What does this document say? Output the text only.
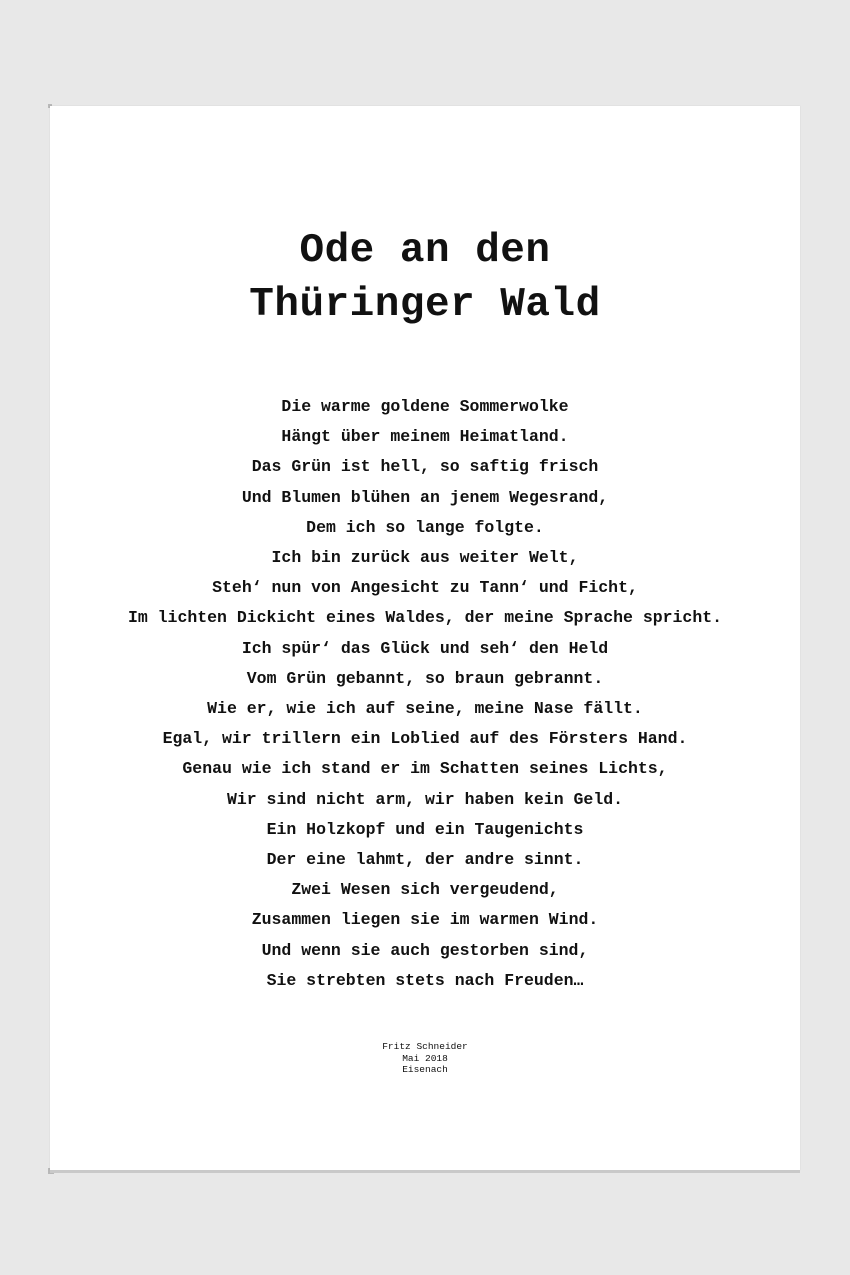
Ode an den
Thüringer Wald
Die warme goldene Sommerwolke
Hängt über meinem Heimatland.
Das Grün ist hell, so saftig frisch
Und Blumen blühen an jenem Wegesrand,
Dem ich so lange folgte.
Ich bin zurück aus weiter Welt,
Steh‘ nun von Angesicht zu Tann‘ und Ficht,
Im lichten Dickicht eines Waldes, der meine Sprache spricht.
Ich spür‘ das Glück und seh‘ den Held
Vom Grün gebannt, so braun gebrannt.
Wie er, wie ich auf seine, meine Nase fällt.
Egal, wir trillern ein Loblied auf des Försters Hand.
Genau wie ich stand er im Schatten seines Lichts,
Wir sind nicht arm, wir haben kein Geld.
Ein Holzkopf und ein Taugenichts
Der eine lahmt, der andre sinnt.
Zwei Wesen sich vergeudend,
Zusammen liegen sie im warmen Wind.
Und wenn sie auch gestorben sind,
Sie strebten stets nach Freuden…
Fritz Schneider
Mai 2018
Eisenach
